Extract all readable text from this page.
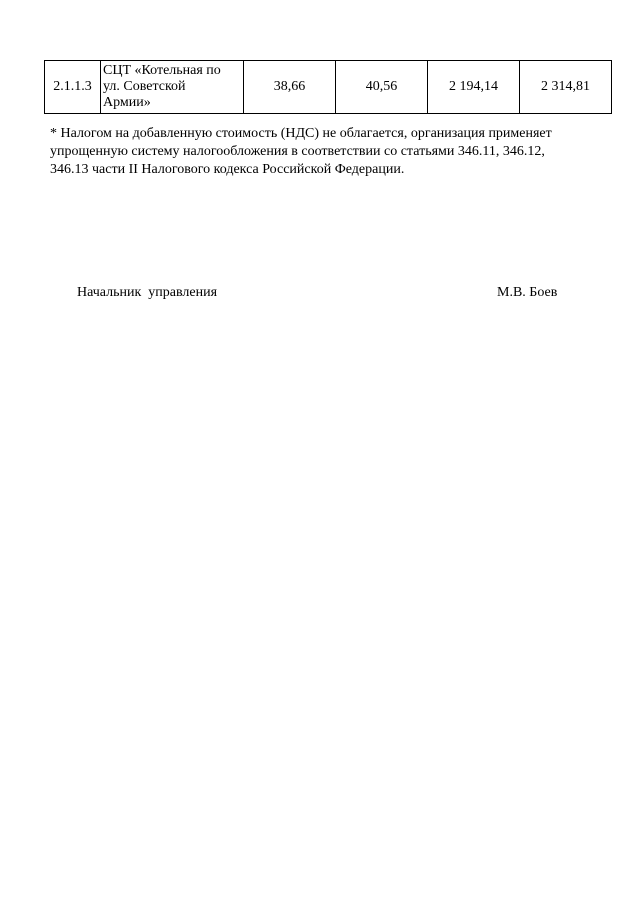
2.1.1.3	СЦТ «Котельная по
ул. Советской
Армии»	38,66	40,56	2 194,14	2 314,81
* Налогом на добавленную стоимость (НДС) не облагается, организация применяет
упрощенную систему налогообложения в соответствии со статьями 346.11, 346.12,
346.13 части II Налогового кодекса Российской Федерации.
Начальник  управления	М.В. Боев
